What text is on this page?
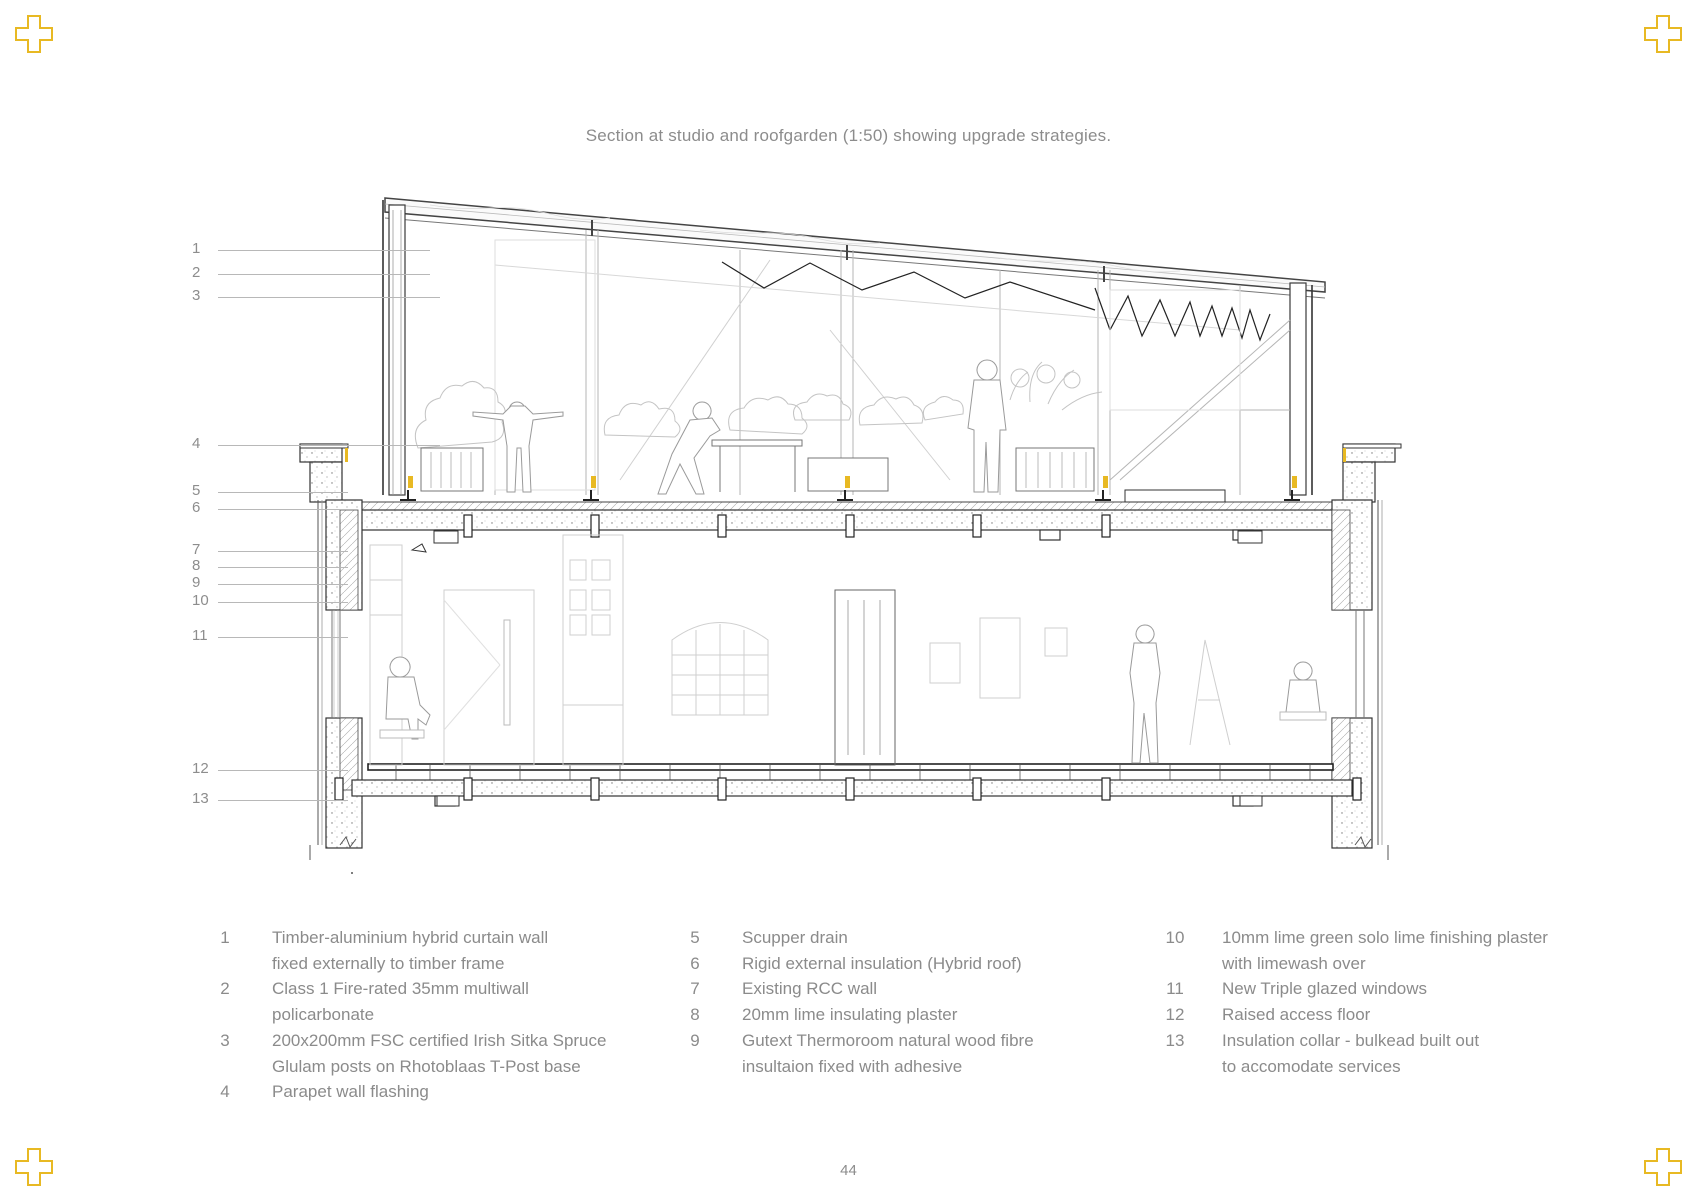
Section at studio and roofgarden (1:50) showing upgrade strategies.
1
2
3
4
5
6
7
8
9
10
11
12
13
1	Timber-aluminium hybrid curtain wall
fixed externally to timber frame
2	Class 1 Fire-rated 35mm multiwall
policarbonate
3	200x200mm FSC certified Irish Sitka Spruce
Glulam posts on Rhotoblaas T-Post base
4	Parapet wall flashing
5	Scupper drain
6	Rigid external insulation (Hybrid roof)
7	Existing RCC wall
8	20mm lime insulating plaster
9	Gutext Thermoroom natural wood fibre
insultaion fixed with adhesive
10	10mm lime green solo lime finishing plaster
with limewash over
11	New Triple glazed windows
12	Raised access floor
13	Insulation collar - bulkead built out
to accomodate services
44
